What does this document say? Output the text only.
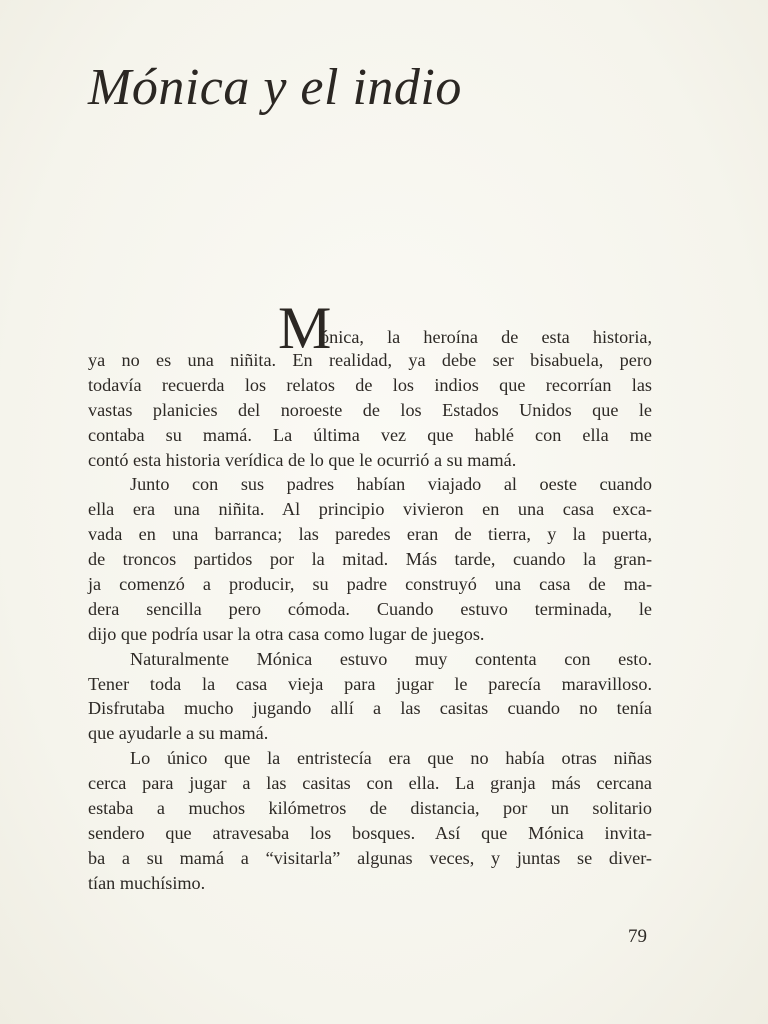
Mónica y el indio
M
ónica, la heroína de esta historia,
ya no es una niñita. En realidad, ya debe ser bisabuela, pero
todavía recuerda los relatos de los indios que recorrían las
vastas planicies del noroeste de los Estados Unidos que le
contaba su mamá. La última vez que hablé con ella me
contó esta historia verídica de lo que le ocurrió a su mamá.
Junto con sus padres habían viajado al oeste cuando
ella era una niñita. Al principio vivieron en una casa exca-
vada en una barranca; las paredes eran de tierra, y la puerta,
de troncos partidos por la mitad. Más tarde, cuando la gran-
ja comenzó a producir, su padre construyó una casa de ma-
dera sencilla pero cómoda. Cuando estuvo terminada, le
dijo que podría usar la otra casa como lugar de juegos.
Naturalmente Mónica estuvo muy contenta con esto.
Tener toda la casa vieja para jugar le parecía maravilloso.
Disfrutaba mucho jugando allí a las casitas cuando no tenía
que ayudarle a su mamá.
Lo único que la entristecía era que no había otras niñas
cerca para jugar a las casitas con ella. La granja más cercana
estaba a muchos kilómetros de distancia, por un solitario
sendero que atravesaba los bosques. Así que Mónica invita-
ba a su mamá a “visitarla” algunas veces, y juntas se diver-
tían muchísimo.
79
